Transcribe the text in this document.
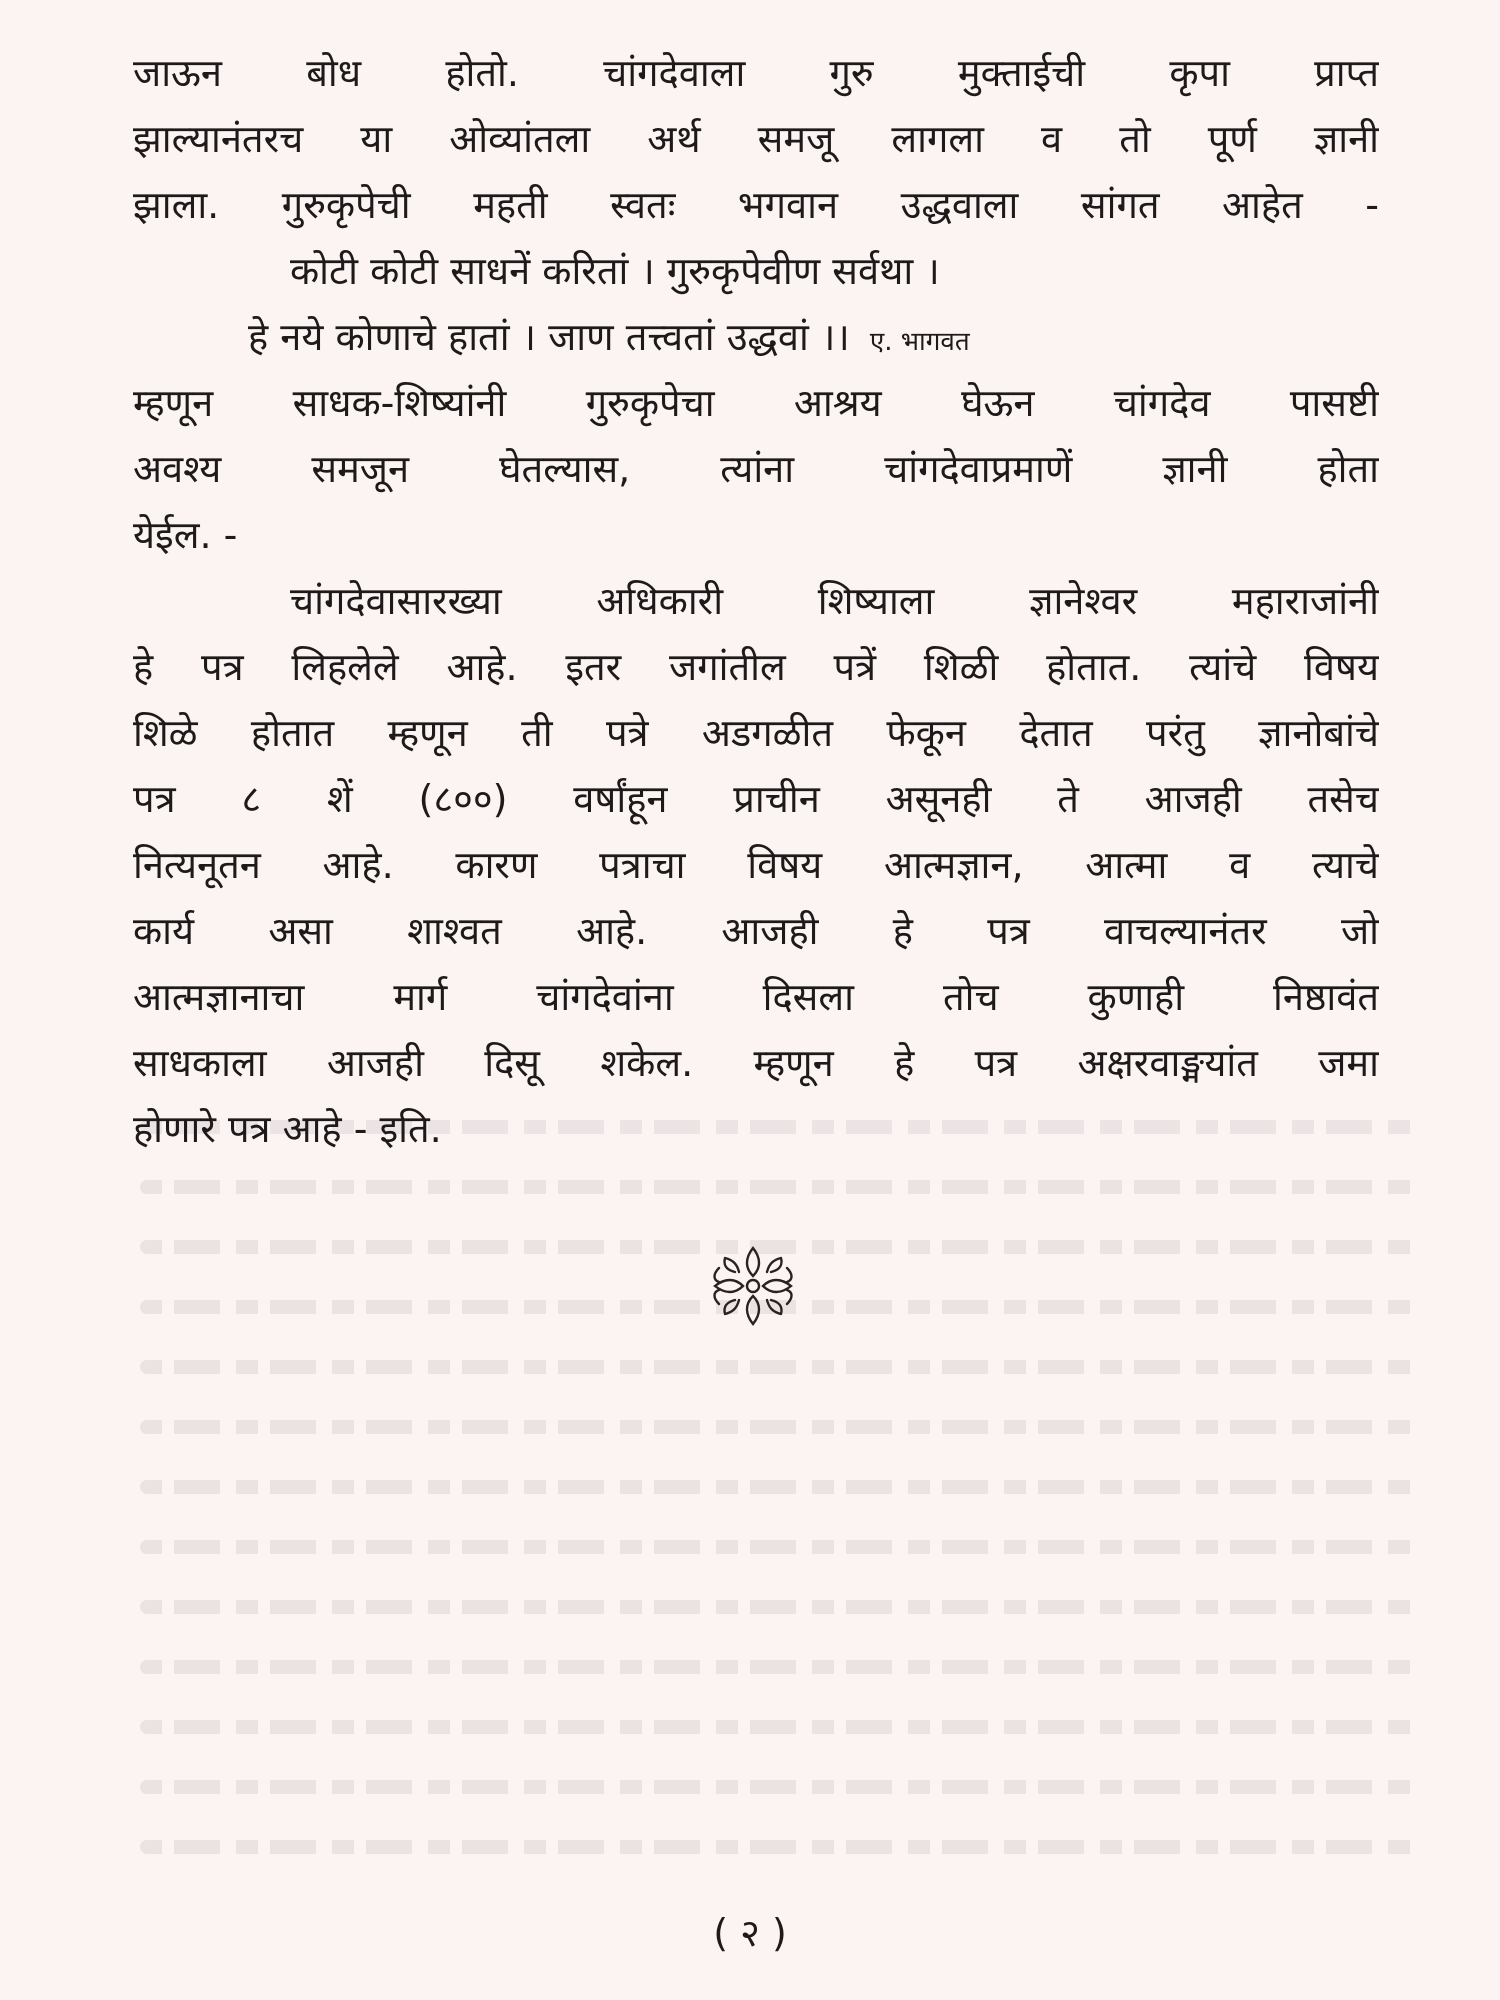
जाऊन बोध होतो. चांगदेवाला गुरु मुक्ताईची कृपा प्राप्त
झाल्यानंतरच या ओव्यांतला अर्थ समजू लागला व तो पूर्ण ज्ञानी
झाला. गुरुकृपेची महती स्वतः भगवान उद्धवाला सांगत आहेत -
कोटी कोटी साधनें करितां । गुरुकृपेवीण सर्वथा ।
हे नये कोणाचे हातां । जाण तत्त्वतां उद्धवां ।। ए. भागवत
म्हणून साधक-शिष्यांनी गुरुकृपेचा आश्रय घेऊन चांगदेव पासष्टी
अवश्य समजून घेतल्यास, त्यांना चांगदेवाप्रमाणें ज्ञानी होता
येईल. -
चांगदेवासारख्या अधिकारी शिष्याला ज्ञानेश्वर महाराजांनी
हे पत्र लिहलेले आहे. इतर जगांतील पत्रें शिळी होतात. त्यांचे विषय
शिळे होतात म्हणून ती पत्रे अडगळीत फेकून देतात परंतु ज्ञानोबांचे
पत्र ८ शें (८००) वर्षांहून प्राचीन असूनही ते आजही तसेच
नित्यनूतन आहे. कारण पत्राचा विषय आत्मज्ञान, आत्मा व त्याचे
कार्य असा शाश्वत आहे. आजही हे पत्र वाचल्यानंतर जो
आत्मज्ञानाचा मार्ग चांगदेवांना दिसला तोच कुणाही निष्ठावंत
साधकाला आजही दिसू शकेल. म्हणून हे पत्र अक्षरवाङ्मयांत जमा
होणारे पत्र आहे - इति.
( २ )
